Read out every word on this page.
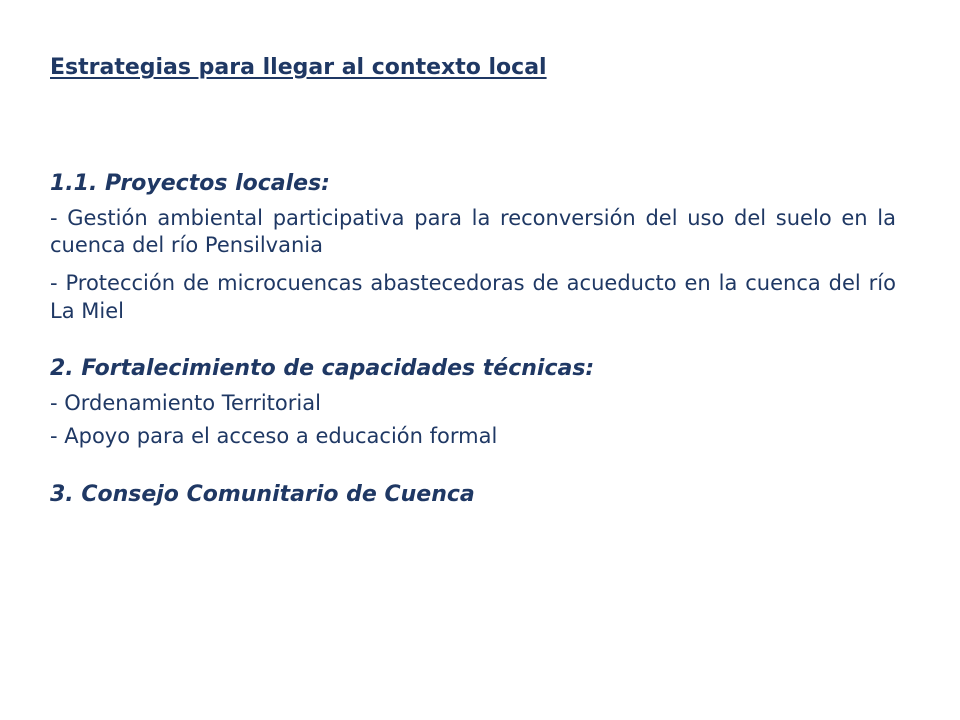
Estrategias para llegar al contexto local

1.1. Proyectos locales:

- Gestión ambiental participativa para la reconversión del uso del suelo en la cuenca del río Pensilvania

- Protección de microcuencas abastecedoras de acueducto en la cuenca del río La Miel

2. Fortalecimiento de capacidades técnicas:

- Ordenamiento Territorial

- Apoyo para el acceso a educación formal

3. Consejo Comunitario de Cuenca
